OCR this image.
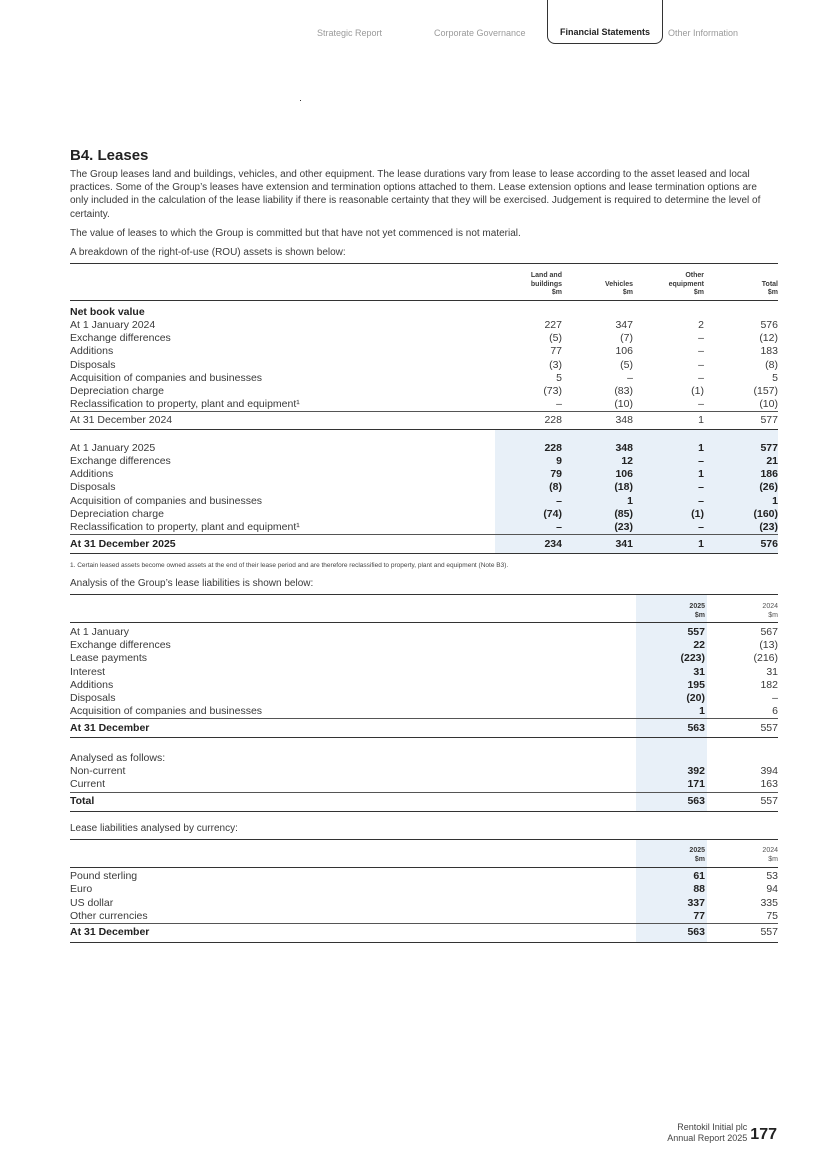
Strategic Report	Corporate Governance	Financial Statements	Other Information
B4. Leases

The Group leases land and buildings, vehicles, and other equipment. The lease durations vary from lease to lease according to the asset leased and local practices. Some of the Group’s leases have extension and termination options attached to them. Lease extension options and lease termination options are only included in the calculation of the lease liability if there is reasonable certainty that they will be exercised. Judgement is required to determine the level of certainty.

The value of leases to which the Group is committed but that have not yet commenced is not material.

A breakdown of the right-of-use (ROU) assets is shown below:

	Land and
buildings
$m	Vehicles
$m	Other
equipment
$m	Total
$m

Net book value				
At 1 January 2024	227	347	2	576
Exchange differences	(5)	(7)	–	(12)
Additions	77	106	–	183
Disposals	(3)	(5)	–	(8)
Acquisition of companies and businesses	5	–	–	5
Depreciation charge	(73)	(83)	(1)	(157)
Reclassification to property, plant and equipment¹	–	(10)	–	(10)
At 31 December 2024	228	348	1	577

At 1 January 2025	228	348	1	577
Exchange differences	9	12	–	21
Additions	79	106	1	186
Disposals	(8)	(18)	–	(26)
Acquisition of companies and businesses	–	1	–	1
Depreciation charge	(74)	(85)	(1)	(160)
Reclassification to property, plant and equipment¹	–	(23)	–	(23)
At 31 December 2025	234	341	1	576
1. Certain leased assets become owned assets at the end of their lease period and are therefore reclassified to property, plant and equipment (Note B3).

Analysis of the Group’s lease liabilities is shown below:

	2025
$m	2024
$m

At 1 January	557	567
Exchange differences	22	(13)
Lease payments	(223)	(216)
Interest	31	31
Additions	195	182
Disposals	(20)	–
Acquisition of companies and businesses	1	6
At 31 December	563	557

Analysed as follows:		
Non-current	392	394
Current	171	163
Total	563	557

Lease liabilities analysed by currency:

	2025
$m	2024
$m

Pound sterling	61	53
Euro	88	94
US dollar	337	335
Other currencies	77	75
At 31 December	563	557
Rentokil Initial plc
Annual Report 2025 177
